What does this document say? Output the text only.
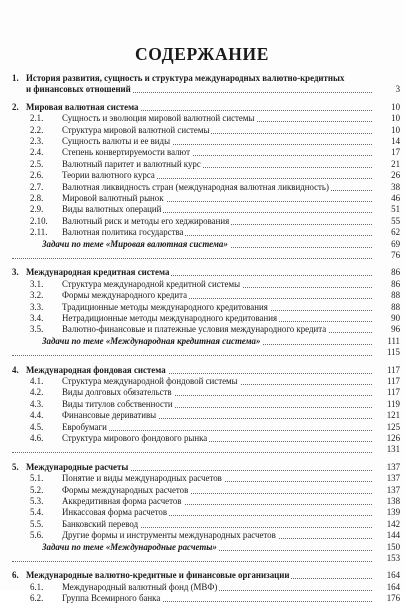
СОДЕРЖАНИЕ
1. История развития, сущность и структура международных валютно-кредитных
и финансовых отношений	3
2. Мировая валютная система	10
2.1. Сущность и эволюция мировой валютной системы	10
2.2. Структура мировой валютной системы	10
2.3. Сущность валюты и ее виды	14
2.4. Степень конвертируемости валют	17
2.5. Валютный паритет и валютный курс	21
2.6. Теории валютного курса	26
2.7. Валютная ликвидность стран (международная валютная ликвидность)	38
2.8. Мировой валютный рынок	46
2.9. Виды валютных операций	51
2.10. Валютный риск и методы его хеджирования	55
2.11. Валютная политика государства	62
Задачи по теме «Мировая валютная система»	69
76
3. Международная кредитная система	86
3.1. Структура международной кредитной системы	86
3.2. Формы международного кредита	88
3.3. Традиционные методы международного кредитования	88
3.4. Нетрадиционные методы международного кредитования	90
3.5. Валютно-финансовые и платежные условия международного кредита	96
Задачи по теме «Международная кредитная система»	111
115
4. Международная фондовая система	117
4.1. Структура международной фондовой системы	117
4.2. Виды долговых обязательств	117
4.3. Виды титулов собственности	119
4.4. Финансовые деривативы	121
4.5. Евробумаги	125
4.6. Структура мирового фондового рынка	126
131
5. Международные расчеты	137
5.1. Понятие и виды международных расчетов	137
5.2. Формы международных расчетов	137
5.3. Аккредитивная форма расчетов	138
5.4. Инкассовая форма расчетов	139
5.5. Банковский перевод	142
5.6. Другие формы и инструменты международных расчетов	144
Задачи по теме «Международные расчеты»	150
153
6. Международные валютно-кредитные и финансовые организации	164
6.1. Международный валютный фонд (МВФ)	164
6.2. Группа Всемирного банка	176
